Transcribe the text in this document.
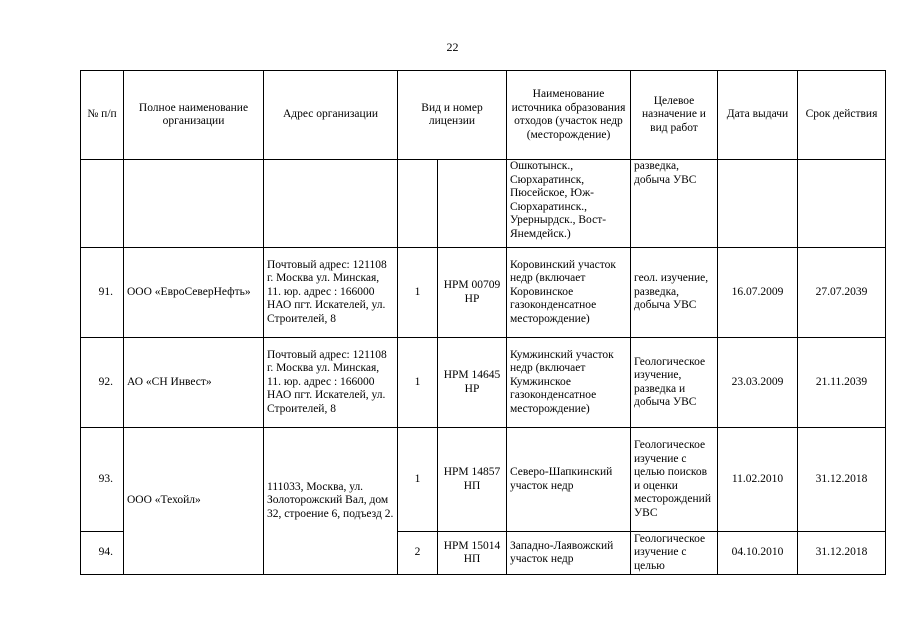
22
№ п/п	Полное наименование организации	Адрес организации	Вид и номер лицензии		Наименование источника образования отходов (участок недр (месторождение)	Целевое назначение и вид работ	Дата выдачи	Срок действия
					Ошкотынск., Сюрхаратинск, Пюсейское, Юж-Сюрхаратинск., Урернырдск., Вост-Янемдейск.)	разведка, добыча УВС		
91.	ООО «ЕвроСеверНефть»	Почтовый адрес: 121108 г. Москва ул. Минская, 11. юр. адрес : 166000 НАО пгт. Искателей, ул. Строителей, 8	1	НРМ 00709 НР	Коровинский участок недр (включает Коровинское газоконденсатное месторождение)	геол. изучение, разведка, добыча УВС	16.07.2009	27.07.2039
92.	АО «СН Инвест»	Почтовый адрес: 121108 г. Москва ул. Минская, 11. юр. адрес : 166000 НАО пгт. Искателей, ул. Строителей, 8	1	НРМ 14645 НР	Кумжинский участок недр (включает Кумжинское газоконденсатное месторождение)	Геологическое изучение, разведка и добыча УВС	23.03.2009	21.11.2039
93.	ООО «Техойл»	111033, Москва, ул. Золоторожский Вал, дом 32, строение 6, подъезд 2.	1	НРМ 14857 НП	Северо-Шапкинский участок недр	Геологическое изучение с целью поисков и оценки месторождений УВС	11.02.2010	31.12.2018
94.			2	НРМ 15014 НП	Западно-Лаявожский участок недр	Геологическое изучение с целью	04.10.2010	31.12.2018
